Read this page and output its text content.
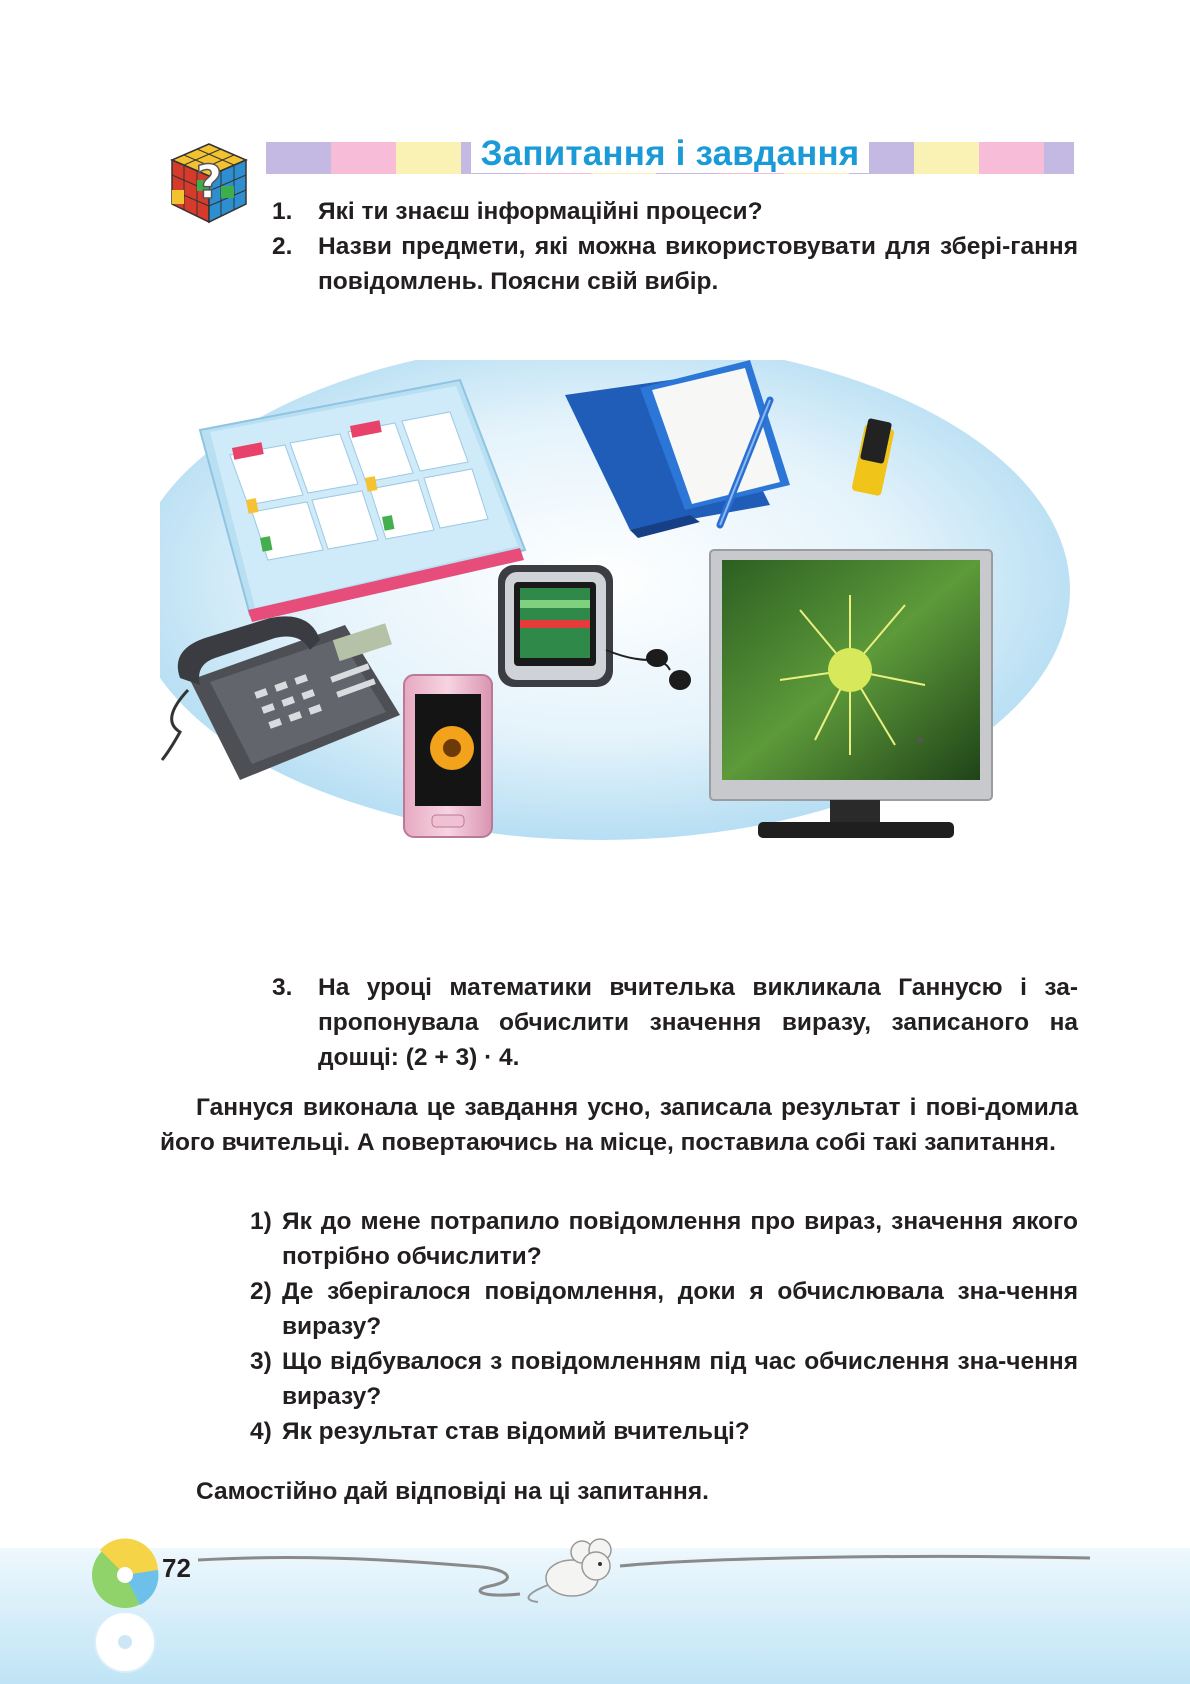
?
Запитання і завдання
1.	Які ти знаєш інформаційні процеси?
2.	Назви предмети, які можна використовувати для збері-гання повідомлень. Поясни свій вибір.
3.	На уроці математики вчителька викликала Ганнусю і за-пропонувала обчислити значення виразу, записаного на дошці: (2 + 3) · 4.
Ганнуся виконала це завдання усно, записала результат і пові-домила його вчительці. А повертаючись на місце, поставила собі такі запитання.
1) Як до мене потрапило повідомлення про вираз, значення якого потрібно обчислити?
2) Де зберігалося повідомлення, доки я обчислювала зна-чення виразу?
3) Що відбувалося з повідомленням під час обчислення зна-чення виразу?
4) Як результат став відомий вчительці?
Самостійно дай відповіді на ці запитання.
72
